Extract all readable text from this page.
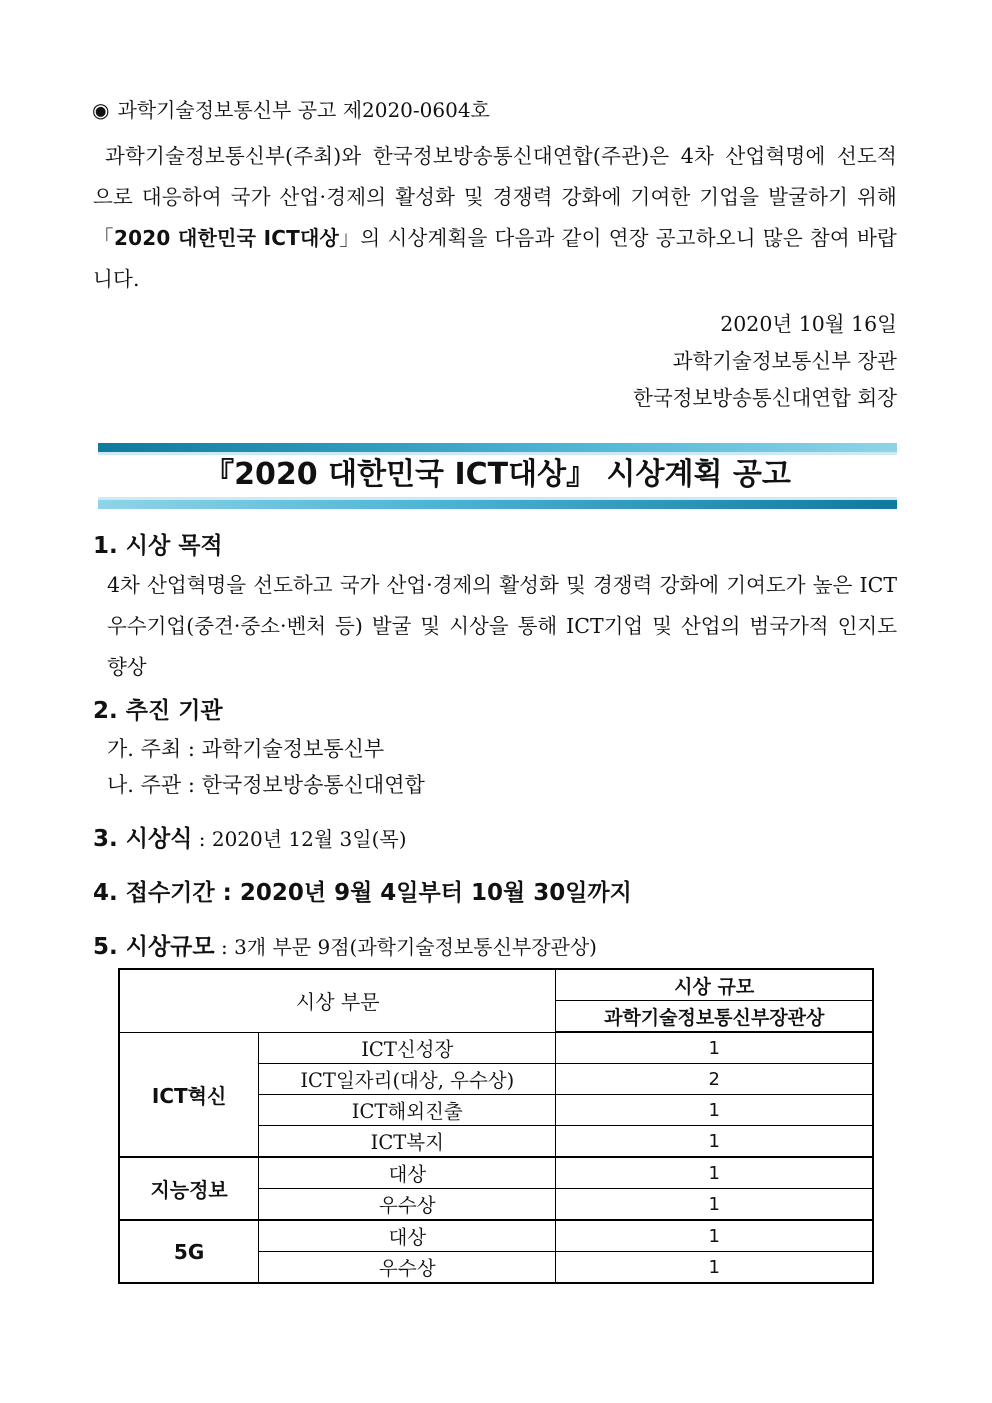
◉ 과학기술정보통신부 공고 제2020-0604호
과학기술정보통신부(주최)와 한국정보방송통신대연합(주관)은 4차 산업혁명에 선도적으로 대응하여 국가 산업·경제의 활성화 및 경쟁력 강화에 기여한 기업을 발굴하기 위해「2020 대한민국 ICT대상」의 시상계획을 다음과 같이 연장 공고하오니 많은 참여 바랍니다.
2020년 10월 16일
과학기술정보통신부 장관
한국정보방송통신대연합 회장
『2020 대한민국 ICT대상』 시상계획 공고
1. 시상 목적
4차 산업혁명을 선도하고 국가 산업·경제의 활성화 및 경쟁력 강화에 기여도가 높은 ICT 우수기업(중견·중소·벤처 등) 발굴 및 시상을 통해 ICT기업 및 산업의 범국가적 인지도 향상
2. 추진 기관
가. 주최 : 과학기술정보통신부
나. 주관 : 한국정보방송통신대연합
3. 시상식 : 2020년 12월 3일(목)
4. 접수기간 : 2020년 9월 4일부터 10월 30일까지
5. 시상규모 : 3개 부문 9점(과학기술정보통신부장관상)
시상 부문		시상 규모
		과학기술정보통신부장관상
ICT혁신	ICT신성장	1
	ICT일자리(대상, 우수상)	2
	ICT해외진출	1
	ICT복지	1
지능정보	대상	1
	우수상	1
5G	대상	1
	우수상	1
